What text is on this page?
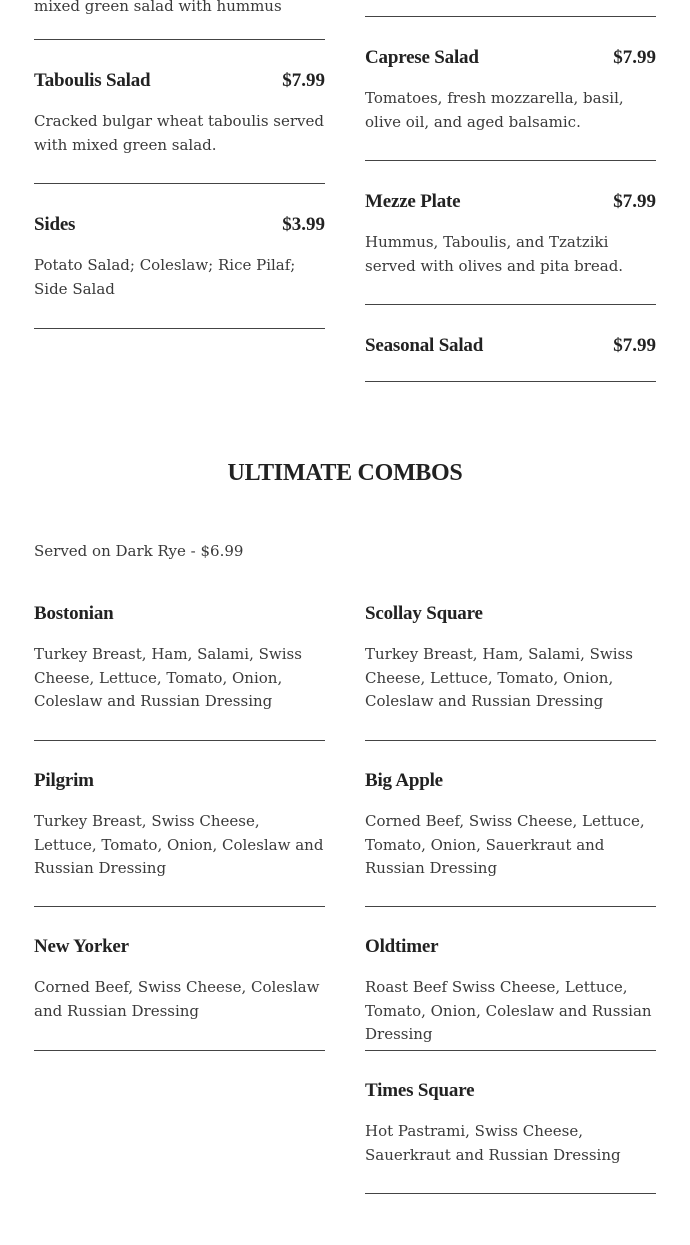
mixed green salad with hummus
Taboulis Salad	$7.99
Cracked bulgar wheat taboulis served with mixed green salad.
Sides	$3.99
Potato Salad; Coleslaw; Rice Pilaf; Side Salad
Caprese Salad	$7.99
Tomatoes, fresh mozzarella, basil, olive oil, and aged balsamic.
Mezze Plate	$7.99
Hummus, Taboulis, and Tzatziki served with olives and pita bread.
Seasonal Salad	$7.99
ULTIMATE COMBOS
Served on Dark Rye - $6.99
Bostonian
Turkey Breast, Ham, Salami, Swiss Cheese, Lettuce, Tomato, Onion, Coleslaw and Russian Dressing
Pilgrim
Turkey Breast, Swiss Cheese, Lettuce, Tomato, Onion, Coleslaw and Russian Dressing
New Yorker
Corned Beef, Swiss Cheese, Coleslaw and Russian Dressing
Scollay Square
Turkey Breast, Ham, Salami, Swiss Cheese, Lettuce, Tomato, Onion, Coleslaw and Russian Dressing
Big Apple
Corned Beef, Swiss Cheese, Lettuce, Tomato, Onion, Sauerkraut and Russian Dressing
Oldtimer
Roast Beef Swiss Cheese, Lettuce, Tomato, Onion, Coleslaw and Russian Dressing
Times Square
Hot Pastrami, Swiss Cheese, Sauerkraut and Russian Dressing
